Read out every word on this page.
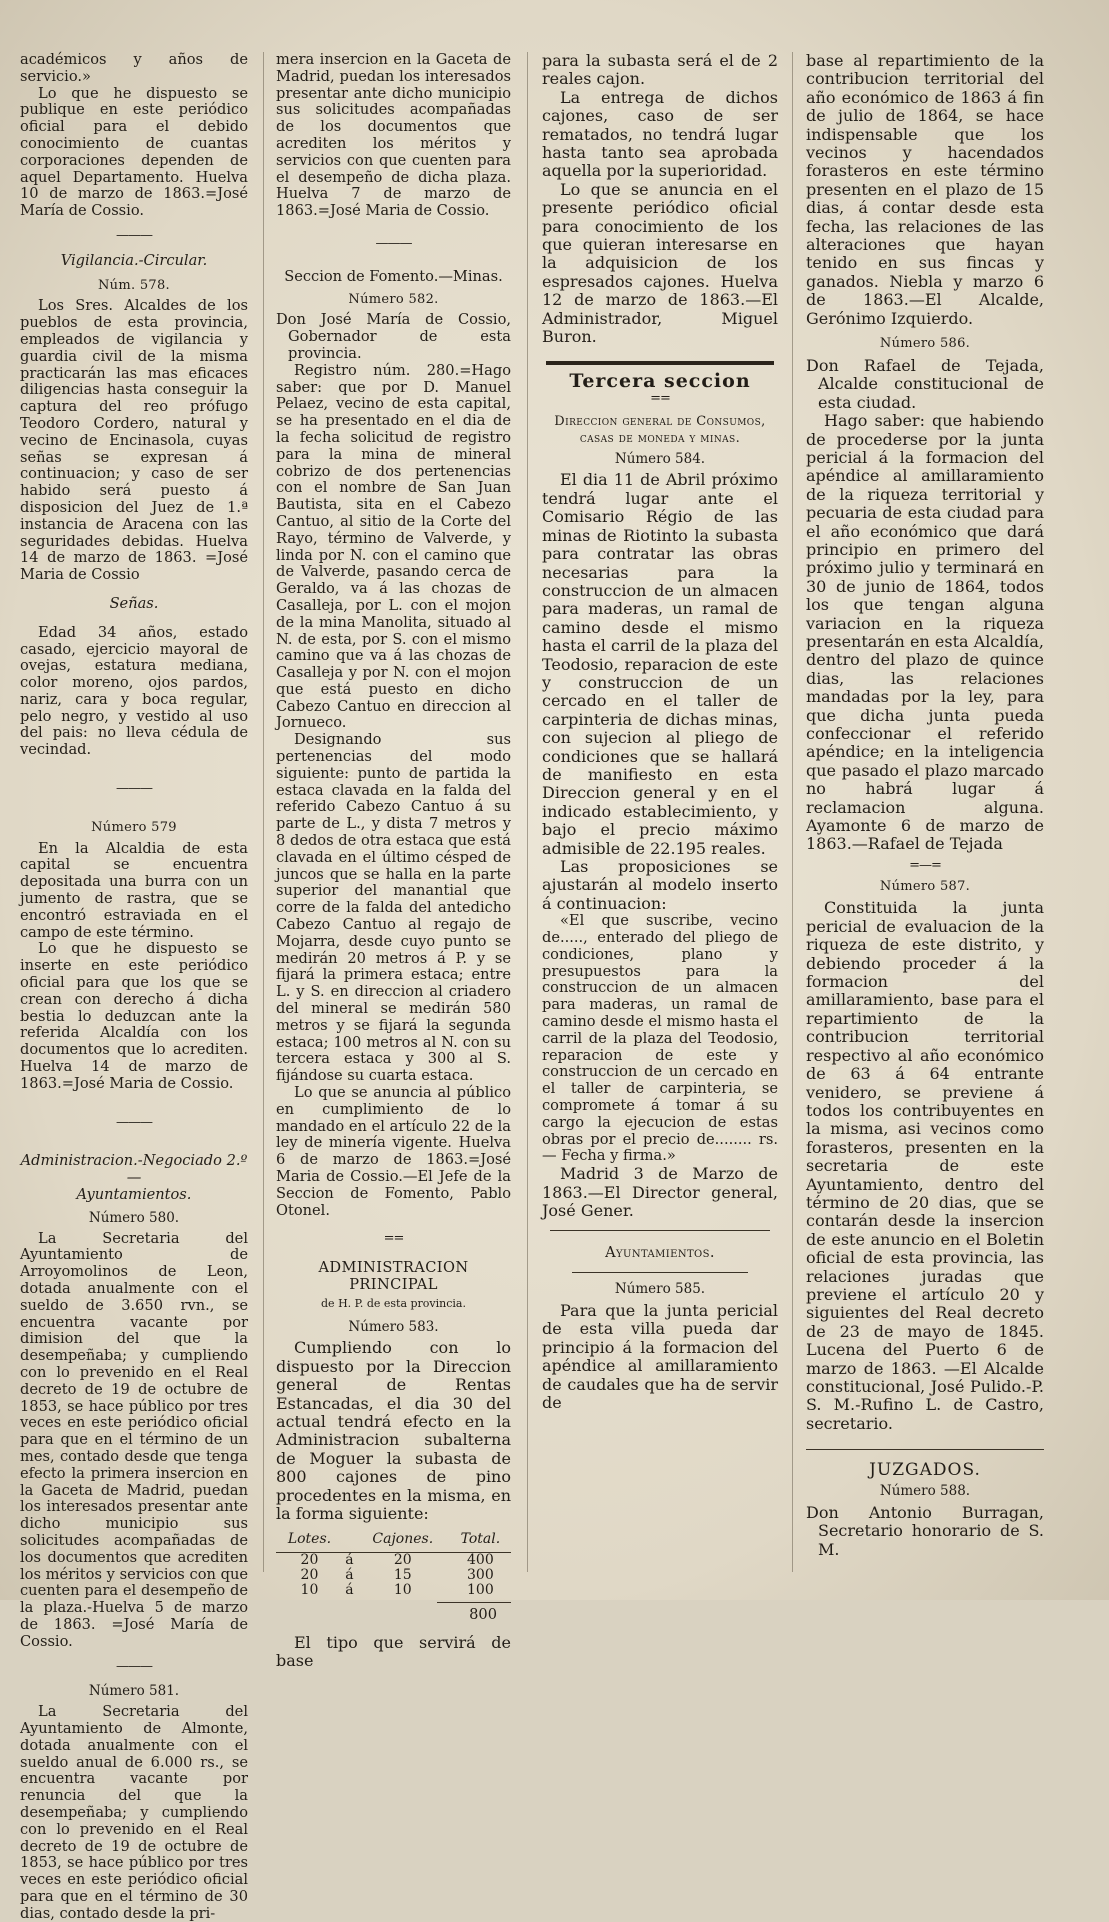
académicos y años de servicio.»

Lo que he dispuesto se publique en este periódico oficial para el debido conocimiento de cuantas corporaciones dependen de aquel Departamento. Huelva 10 de marzo de 1863.=José María de Cossio.

———

Vigilancia.-Circular.

Núm. 578.

Los Sres. Alcaldes de los pueblos de esta provincia, empleados de vigilancia y guardia civil de la misma practicarán las mas eficaces diligencias hasta conseguir la captura del reo prófugo Teodoro Cordero, natural y vecino de Encinasola, cuyas señas se expresan á continuacion; y caso de ser habido será puesto á disposicion del Juez de 1.ª instancia de Aracena con las seguridades debidas. Huelva 14 de marzo de 1863. =José Maria de Cossio

Señas.

Edad 34 años, estado casado, ejercicio mayoral de ovejas, estatura mediana, color moreno, ojos pardos, nariz, cara y boca regular, pelo negro, y vestido al uso del pais: no lleva cédula de vecindad.

———

Número 579

En la Alcaldia de esta capital se encuentra depositada una burra con un jumento de rastra, que se encontró estraviada en el campo de este término.

Lo que he dispuesto se inserte en este periódico oficial para que los que se crean con derecho á dicha bestia lo deduzcan ante la referida Alcaldía con los documentos que lo acrediten. Huelva 14 de marzo de 1863.=José Maria de Cossio.

———

Administracion.-Negociado 2.º—

Ayuntamientos.

Número 580.

La Secretaria del Ayuntamiento de Arroyomolinos de Leon, dotada anualmente con el sueldo de 3.650 rvn., se encuentra vacante por dimision del que la desempeñaba; y cumpliendo con lo prevenido en el Real decreto de 19 de octubre de 1853, se hace público por tres veces en este periódico oficial para que en el término de un mes, contado desde que tenga efecto la primera insercion en la Gaceta de Madrid, puedan los interesados presentar ante dicho municipio sus solicitudes acompañadas de los documentos que acrediten los méritos y servicios con que cuenten para el desempeño de la plaza.-Huelva 5 de marzo de 1863. =José María de Cossio.

———

Número 581.

La Secretaria del Ayuntamiento de Almonte, dotada anualmente con el sueldo anual de 6.000 rs., se encuentra vacante por renuncia del que la desempeñaba; y cumpliendo con lo prevenido en el Real decreto de 19 de octubre de 1853, se hace público por tres veces en este periódico oficial para que en el término de 30 dias, contado desde la pri-

mera insercion en la Gaceta de Madrid, puedan los interesados presentar ante dicho municipio sus solicitudes acompañadas de los documentos que acrediten los méritos y servicios con que cuenten para el desempeño de dicha plaza. Huelva 7 de marzo de 1863.=José Maria de Cossio.

—⁠—⁠—

Seccion de Fomento.—Minas.

Número 582.

Don José María de Cossio, Gobernador de esta provincia.

Registro núm. 280.=Hago saber: que por D. Manuel Pelaez, vecino de esta capital, se ha presentado en el dia de la fecha solicitud de registro para la mina de mineral cobrizo de dos pertenencias con el nombre de San Juan Bautista, sita en el Cabezo Cantuo, al sitio de la Corte del Rayo, término de Valverde, y linda por N. con el camino que de Valverde, pasando cerca de Geraldo, va á las chozas de Casalleja, por L. con el mojon de la mina Manolita, situado al N. de esta, por S. con el mismo camino que va á las chozas de Casalleja y por N. con el mojon que está puesto en dicho Cabezo Cantuo en direccion al Jornueco.

Designando sus pertenencias del modo siguiente: punto de partida la estaca clavada en la falda del referido Cabezo Cantuo á su parte de L., y dista 7 metros y 8 dedos de otra estaca que está clavada en el último césped de juncos que se halla en la parte superior del manantial que corre de la falda del antedicho Cabezo Cantuo al regajo de Mojarra, desde cuyo punto se medirán 20 metros á P. y se fijará la primera estaca; entre L. y S. en direccion al criadero del mineral se medirán 580 metros y se fijará la segunda estaca; 100 metros al N. con su tercera estaca y 300 al S. fijándose su cuarta estaca.

Lo que se anuncia al público en cumplimiento de lo mandado en el artículo 22 de la ley de minería vigente. Huelva 6 de marzo de 1863.=José Maria de Cossio.—El Jefe de la Seccion de Fomento, Pablo Otonel.

==

ADMINISTRACION PRINCIPAL

de H. P. de esta provincia.

Número 583.

Cumpliendo con lo dispuesto por la Direccion general de Rentas Estancadas, el dia 30 del actual tendrá efecto en la Administracion subalterna de Moguer la subasta de 800 cajones de pino procedentes en la misma, en la forma siguiente:

Lotes.		Cajones.	Total.
20	á	20	400
20	á	15	300
10	á	10	100
800

El tipo que servirá de base

para la subasta será el de 2 reales cajon.

La entrega de dichos cajones, caso de ser rematados, no tendrá lugar hasta tanto sea aprobada aquella por la superioridad.

Lo que se anuncia en el presente periódico oficial para conocimiento de los que quieran interesarse en la adquisicion de los espresados cajones. Huelva 12 de marzo de 1863.—El Administrador, Miguel Buron.

Tercera seccion

==

Direccion general de Consumos, casas de moneda y minas.

Número 584.

El dia 11 de Abril próximo tendrá lugar ante el Comisario Régio de las minas de Riotinto la subasta para contratar las obras necesarias para la construccion de un almacen para maderas, un ramal de camino desde el mismo hasta el carril de la plaza del Teodosio, reparacion de este y construccion de un cercado en el taller de carpinteria de dichas minas, con sujecion al pliego de condiciones que se hallará de manifiesto en esta Direccion general y en el indicado establecimiento, y bajo el precio máximo admisible de 22.195 reales.

Las proposiciones se ajustarán al modelo inserto á continuacion:

«El que suscribe, vecino de....., enterado del pliego de condiciones, plano y presupuestos para la construccion de un almacen para maderas, un ramal de camino desde el mismo hasta el carril de la plaza del Teodosio, reparacion de este y construccion de un cercado en el taller de carpinteria, se compromete á tomar á su cargo la ejecucion de estas obras por el precio de........ rs.— Fecha y firma.»

Madrid 3 de Marzo de 1863.—El Director general, José Gener.

Ayuntamientos.

Número 585.

Para que la junta pericial de esta villa pueda dar principio á la formacion del apéndice al amillaramiento de caudales que ha de servir de

base al repartimiento de la contribucion territorial del año económico de 1863 á fin de julio de 1864, se hace indispensable que los vecinos y hacendados forasteros en este término presenten en el plazo de 15 dias, á contar desde esta fecha, las relaciones de las alteraciones que hayan tenido en sus fincas y ganados. Niebla y marzo 6 de 1863.—El Alcalde, Gerónimo Izquierdo.

Número 586.

Don Rafael de Tejada, Alcalde constitucional de esta ciudad.

Hago saber: que habiendo de procederse por la junta pericial á la formacion del apéndice al amillaramiento de la riqueza territorial y pecuaria de esta ciudad para el año económico que dará principio en primero del próximo julio y terminará en 30 de junio de 1864, todos los que tengan alguna variacion en la riqueza presentarán en esta Alcaldía, dentro del plazo de quince dias, las relaciones mandadas por la ley, para que dicha junta pueda confeccionar el referido apéndice; en la inteligencia que pasado el plazo marcado no habrá lugar á reclamacion alguna. Ayamonte 6 de marzo de 1863.—Rafael de Tejada

=—=

Número 587.

Constituida la junta pericial de evaluacion de la riqueza de este distrito, y debiendo proceder á la formacion del amillaramiento, base para el repartimiento de la contribucion territorial respectivo al año económico de 63 á 64 entrante venidero, se previene á todos los contribuyentes en la misma, asi vecinos como forasteros, presenten en la secretaria de este Ayuntamiento, dentro del término de 20 dias, que se contarán desde la insercion de este anuncio en el Boletin oficial de esta provincia, las relaciones juradas que previene el artículo 20 y siguientes del Real decreto de 23 de mayo de 1845. Lucena del Puerto 6 de marzo de 1863. —El Alcalde constitucional, José Pulido.-P. S. M.-Rufino L. de Castro, secretario.

JUZGADOS.

Número 588.

Don Antonio Burragan, Secretario honorario de S. M.
